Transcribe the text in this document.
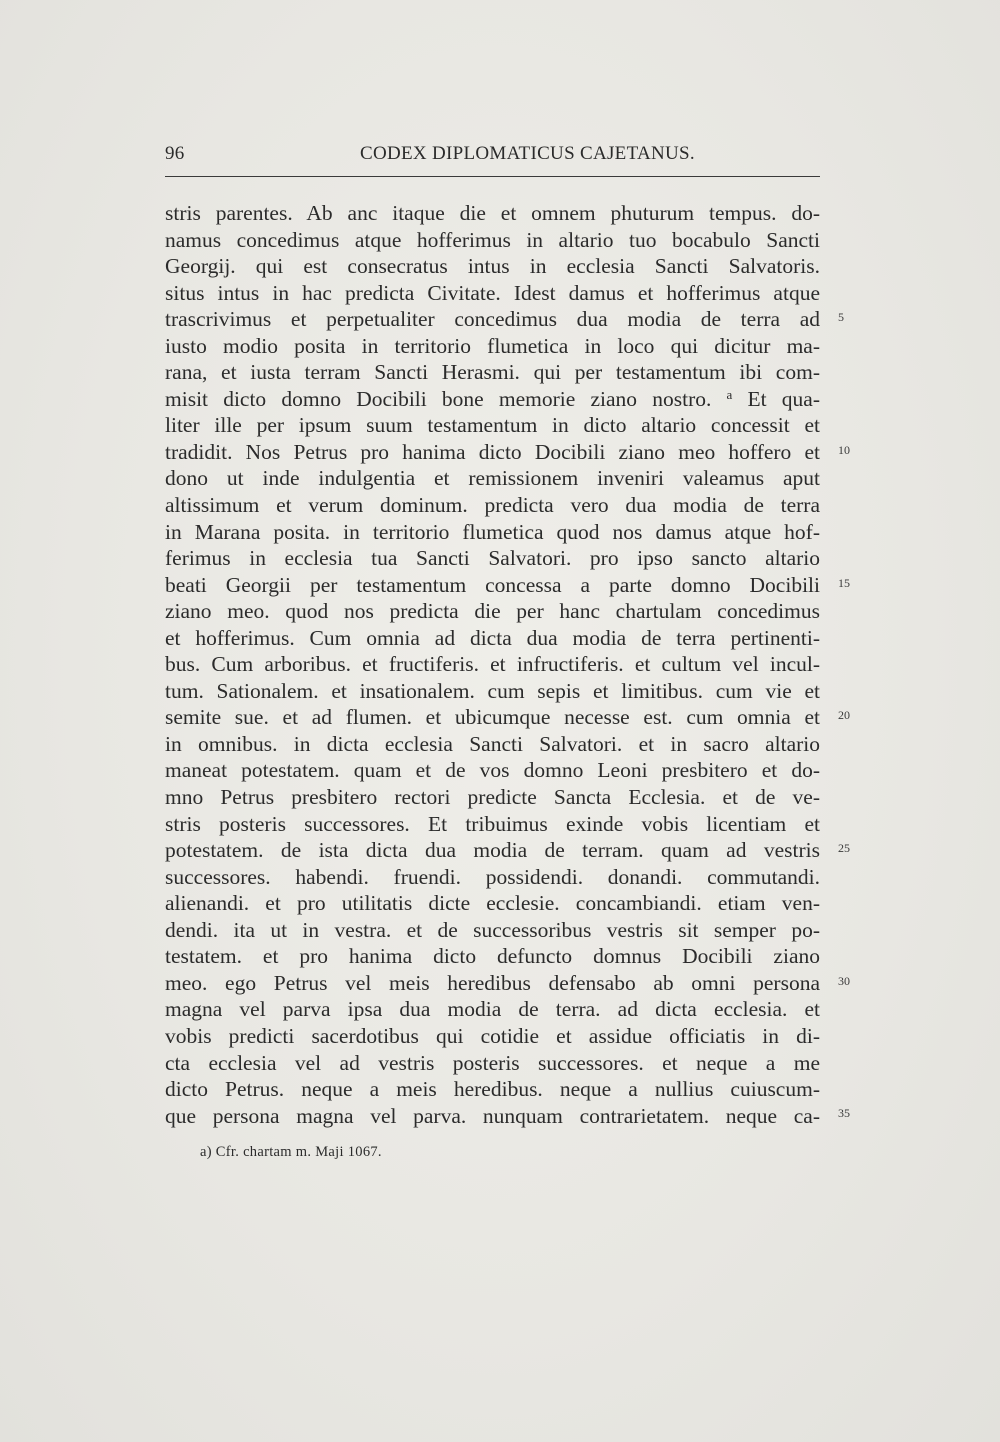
96	CODEX DIPLOMATICUS CAJETANUS.
stris parentes. Ab anc itaque die et omnem phuturum tempus. do-
namus concedimus atque hofferimus in altario tuo bocabulo Sancti
Georgij. qui est consecratus intus in ecclesia Sancti Salvatoris.
situs intus in hac predicta Civitate. Idest damus et hofferimus atque
trascrivimus et perpetualiter concedimus dua modia de terra ad
iusto modio posita in territorio flumetica in loco qui dicitur ma-
rana, et iusta terram Sancti Herasmi. qui per testamentum ibi com-
misit dicto domno Docibili bone memorie ziano nostro. $^a$ Et qua-
liter ille per ipsum suum testamentum in dicto altario concessit et
tradidit. Nos Petrus pro hanima dicto Docibili ziano meo hoffero et
dono ut inde indulgentia et remissionem inveniri valeamus aput
altissimum et verum dominum. predicta vero dua modia de terra
in Marana posita. in territorio flumetica quod nos damus atque hof-
ferimus in ecclesia tua Sancti Salvatori. pro ipso sancto altario
beati Georgii per testamentum concessa a parte domno Docibili
ziano meo. quod nos predicta die per hanc chartulam concedimus
et hofferimus. Cum omnia ad dicta dua modia de terra pertinenti-
bus. Cum arboribus. et fructiferis. et infructiferis. et cultum vel incul-
tum. Sationalem. et insationalem. cum sepis et limitibus. cum vie et
semite sue. et ad flumen. et ubicumque necesse est. cum omnia et
in omnibus. in dicta ecclesia Sancti Salvatori. et in sacro altario
maneat potestatem. quam et de vos domno Leoni presbitero et do-
mno Petrus presbitero rectori predicte Sancta Ecclesia. et de ve-
stris posteris successores. Et tribuimus exinde vobis licentiam et
potestatem. de ista dicta dua modia de terram. quam ad vestris
successores. habendi. fruendi. possidendi. donandi. commutandi.
alienandi. et pro utilitatis dicte ecclesie. concambiandi. etiam ven-
dendi. ita ut in vestra. et de successoribus vestris sit semper po-
testatem. et pro hanima dicto defuncto domnus Docibili ziano
meo. ego Petrus vel meis heredibus defensabo ab omni persona
magna vel parva ipsa dua modia de terra. ad dicta ecclesia. et
vobis predicti sacerdotibus qui cotidie et assidue officiatis in di-
cta ecclesia vel ad vestris posteris successores. et neque a me
dicto Petrus. neque a meis heredibus. neque a nullius cuiuscum-
que persona magna vel parva. nunquam contrarietatem. neque ca-
5
10
15
20
25
30
35
a) Cfr. chartam m. Maji 1067.
